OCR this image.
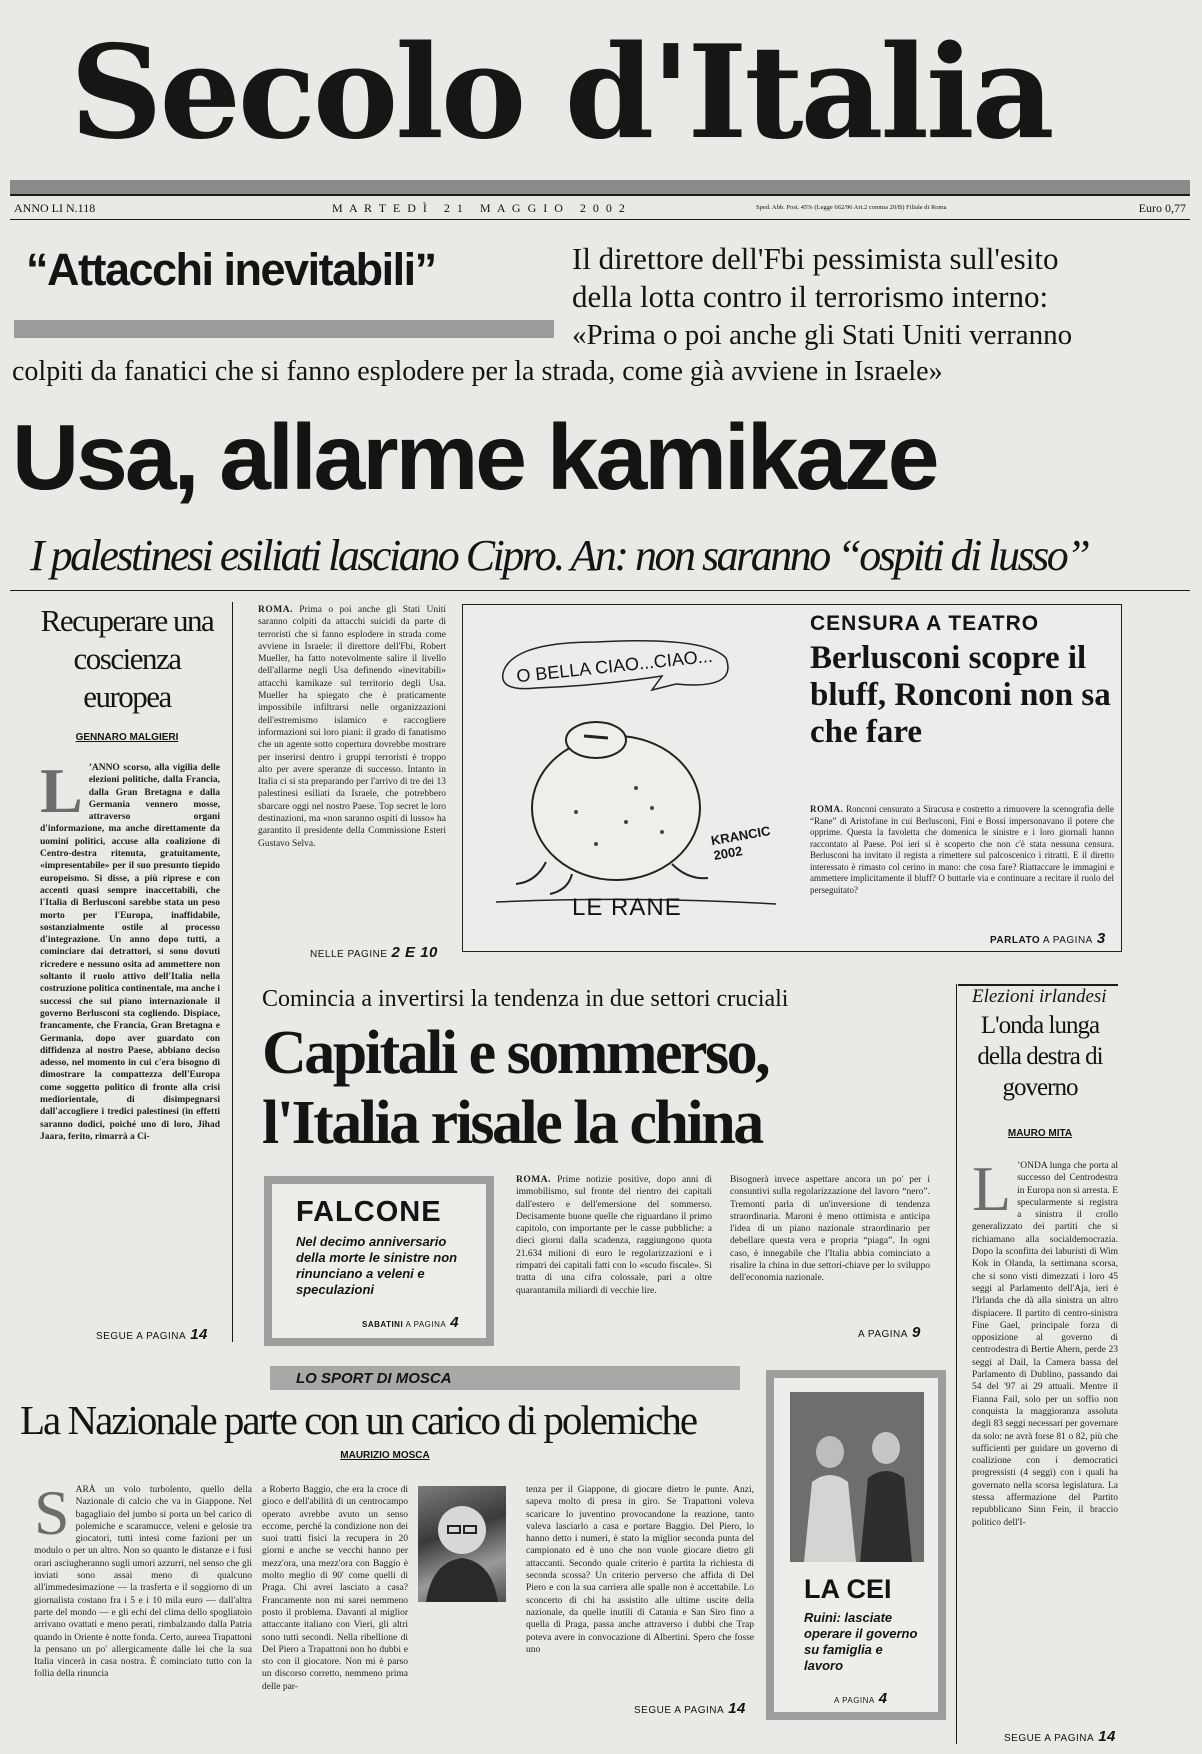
Secolo d'Italia
ANNO LI N.118	M A R T E D Ì   2 1   M A G G I O   2 0 0 2	Sped. Abb. Post. 45% (Legge 662/96 Art.2 comma 20/B) Filiale di Roma	Euro 0,77
“Attacchi inevitabili”	Il direttore dell'Fbi pessimista sull'esito
della lotta contro il terrorismo interno:
«Prima o poi anche gli Stati Uniti verranno
colpiti da fanatici che si fanno esplodere per la strada, come già avviene in Israele»
Usa, allarme kamikaze
I palestinesi esiliati lasciano Cipro. An: non saranno “ospiti di lusso”
Recuperare una coscienza europea
GENNARO MALGIERI
L ’ANNO scorso, alla vigilia delle elezioni politiche, dalla Francia, dalla Gran Bretagna e dalla Germania vennero mosse, attraverso organi d'informazione, ma anche direttamente da uomini politici, accuse alla coalizione di Centro-destra ritenuta, gratuitamente, «impresentabile» per il suo presunto tiepido europeismo. Si disse, a più riprese e con accenti quasi sempre inaccettabili, che l'Italia di Berlusconi sarebbe stata un peso morto per l'Europa, inaffidabile, sostanzialmente ostile al processo d'integrazione. Un anno dopo tutti, a cominciare dai detrattori, si sono dovuti ricredere e nessuno osita ad ammettere non soltanto il ruolo attivo dell'Italia nella costruzione politica continentale, ma anche i successi che sul piano internazionale il governo Berlusconi sta cogliendo. Dispiace, francamente, che Francia, Gran Bretagna e Germania, dopo aver guardato con diffidenza al nostro Paese, abbiano deciso adesso, nel momento in cui c'era bisogno di dimostrare la compattezza dell'Europa come soggetto politico di fronte alla crisi mediorientale, di disimpegnarsi dall'accogliere i tredici palestinesi (in effetti saranno dodici, poiché uno di loro, Jihad Jaara, ferito, rimarrà a Ci-
SEGUE A PAGINA 14
ROMA. Prima o poi anche gli Stati Uniti saranno colpiti da attacchi suicidi da parte di terroristi che si fanno esplodere in strada come avviene in Israele: il direttore dell'Fbi, Robert Mueller, ha fatto notevolmente salire il livello dell'allarme negli Usa definendo «inevitabili» attacchi kamikaze sul territorio degli Usa. Mueller ha spiegato che è praticamente impossibile infiltrarsi nelle organizzazioni dell'estremismo islamico e raccogliere informazioni sui loro piani: il grado di fanatismo che un agente sotto copertura dovrebbe mostrare per inserirsi dentro i gruppi terroristi è troppo alto per avere speranze di successo. Intanto in Italia ci si sta preparando per l'arrivo di tre dei 13 palestinesi esiliati da Israele, che potrebbero sbarcare oggi nel nostro Paese. Top secret le loro destinazioni, ma «non saranno ospiti di lusso» ha garantito il presidente della Commissione Esteri Gustavo Selva.
NELLE PAGINE 2 E 10
O BELLA CIAO...CIAO...
LE RANE
KRANCIC 2002
CENSURA A TEATRO
Berlusconi scopre il bluff, Ronconi non sa che fare
ROMA. Ronconi censurato a Siracusa e costretto a rimuovere la scenografia delle “Rane” di Aristofane in cui Berlusconi, Fini e Bossi impersonavano il potere che opprime. Questa la favoletta che domenica le sinistre e i loro giornali hanno raccontato al Paese. Poi ieri si è scoperto che non c'è stata nessuna censura. Berlusconi ha invitato il regista a rimettere sul palcoscenico i ritratti. E il diretto interessato è rimasto col cerino in mano: che cosa fare? Riattaccare le immagini e ammettere implicitamente il bluff? O buttarle via e continuare a recitare il ruolo del perseguitato?
PARLATO A PAGINA 3
Comincia a invertirsi la tendenza in due settori cruciali
Capitali e sommerso,
l'Italia risale la china
ROMA. Prime notizie positive, dopo anni di immobilismo, sul fronte del rientro dei capitali dall'estero e dell'emersione del sommerso. Decisamente buone quelle che riguardano il primo capitolo, con importante per le casse pubbliche: a dieci giorni dalla scadenza, raggiungono quota 21.634 milioni di euro le regolarizzazioni e i rimpatri dei capitali fatti con lo «scudo fiscale». Si tratta di una cifra colossale, pari a oltre quarantamila miliardi di vecchie lire.
Bisognerà invece aspettare ancora un po' per i consuntivi sulla regolarizzazione del lavoro “nero”. Tremonti parla di un'inversione di tendenza straordinaria. Maroni è meno ottimista e anticipa l'idea di un piano nazionale straordinario per debellare questa vera e propria “piaga”. In ogni caso, è innegabile che l'Italia abbia cominciato a risalire la china in due settori-chiave per lo sviluppo dell'economia nazionale.
A PAGINA 9
FALCONE
Nel decimo anniversario della morte le sinistre non rinunciano a veleni e speculazioni
SABATINI A PAGINA 4
Elezioni irlandesi
L'onda lunga della destra di governo
MAURO MITA
L ’ONDA lunga che porta al successo del Centrodestra in Europa non si arresta. E specularmente si registra a sinistra il crollo generalizzato dei partiti che si richiamano alla socialdemocrazia. Dopo la sconfitta dei laburisti di Wim Kok in Olanda, la settimana scorsa, che si sono visti dimezzati i loro 45 seggi al Parlamento dell'Aja, ieri è l'Irlanda che dà alla sinistra un altro dispiacere. Il partito di centro-sinistra Fine Gael, principale forza di opposizione al governo di centrodestra di Bertie Ahern, perde 23 seggi al Dail, la Camera bassa del Parlamento di Dublino, passando dai 54 del '97 ai 29 attuali. Mentre il Fianna Fail, solo per un soffio non conquista la maggioranza assoluta degli 83 seggi necessari per governare da solo: ne avrà forse 81 o 82, più che sufficienti per guidare un governo di coalizione con i democratici progressisti (4 seggi) con i quali ha governato nella scorsa legislatura. La stessa affermazione del Partito repubblicano Sinn Fein, il braccio politico dell'I-
SEGUE A PAGINA 14
LO SPORT DI MOSCA
La Nazionale parte con un carico di polemiche
MAURIZIO MOSCA
S ARÀ un volo turbolento, quello della Nazionale di calcio che va in Giappone. Nel bagagliaio del jumbo si porta un bel carico di polemiche e scaramucce, veleni e gelosie tra giocatori, tutti intesi come fazioni per un modulo o per un altro. Non so quanto le distanze e i fusi orari asciugheranno sugli umori azzurri, nel senso che gli inviati sono assai meno di qualcuno all'immedesimazione — la trasferta e il soggiorno di un giornalista costano fra i 5 e i 10 mila euro — dall'altra parte del mondo — e gli echi del clima dello spogliatoio arrivano ovattati e meno perati, rimbalzando dalla Patria quando in Oriente è notte fonda. Certo, aureea Trapattoni la pensano un po' allergicamente dalle lei che la sua Italia vincerà in casa nostra. È cominciato tutto con la follia della rinuncia
a Roberto Baggio, che era la croce di gioco e dell'abilità di un centrocampo operato avrebbe avuto un senso eccome, perché la condizione non dei suoi tratti fisici la recupera in 20 giorni e anche se vecchi hanno per mezz'ora, una mezz'ora con Baggio è molto meglio di 90' come quelli di Praga. Chi avrei lasciato a casa? Francamente non mi sarei nemmeno posto il problema. Davanti al miglior attaccante italiano con Vieri, gli altri sono tutti secondi. Nella ribellione di Del Piero a Trapattoni non ho dubbi e sto con il giocatore. Non mi è parso un discorso corretto, nemmeno prima delle par-
tenza per il Giappone, di giocare dietro le punte. Anzi, sapeva molto di presa in giro. Se Trapattoni voleva scaricare lo juventino provocandone la reazione, tanto valeva lasciarlo a casa e portare Baggio. Del Piero, lo hanno detto i numeri, è stato la miglior seconda punta del campionato ed è uno che non vuole giocare dietro gli attaccanti. Secondo quale criterio è partita la richiesta di seconda scossa? Un criterio perverso che affida di Del Piero e con la sua carriera alle spalle non è accettabile. Lo sconcerto di chi ha assistito alle ultime uscite della nazionale, da quelle inutili di Catania e San Siro fino a quella di Praga, passa anche attraverso i dubbi che Trap poteva avere in convocazione di Albertini. Spero che fosse uno
SEGUE A PAGINA 14
LA CEI
Ruini: lasciate operare il governo su famiglia e lavoro
A PAGINA 4
